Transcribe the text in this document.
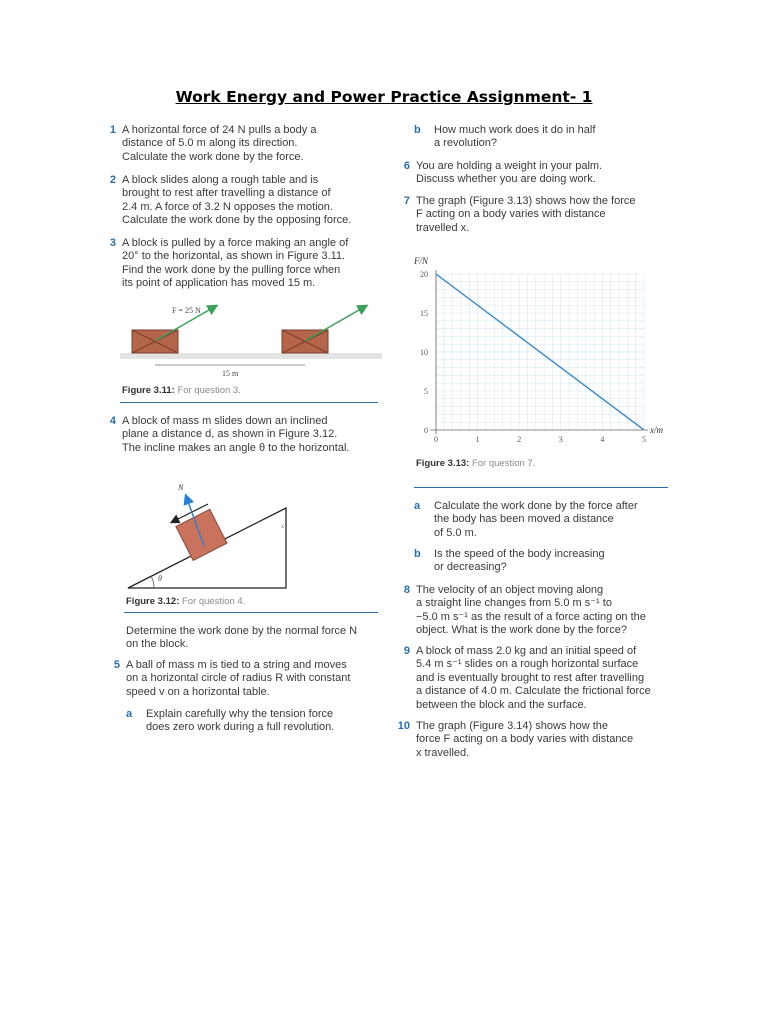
Work Energy and Power Practice Assignment- 1
1 A horizontal force of 24 N pulls a body a
distance of 5.0 m along its direction.
Calculate the work done by the force.
2 A block slides along a rough table and is
brought to rest after travelling a distance of
2.4 m. A force of 3.2 N opposes the motion.
Calculate the work done by the opposing force.
3 A block is pulled by a force making an angle of
20° to the horizontal, as shown in Figure 3.11.
Find the work done by the pulling force when
its point of application has moved 15 m.
F = 25 N
15 m
Figure 3.11: For question 3.
4 A block of mass m slides down an inclined
plane a distance d, as shown in Figure 3.12.
The incline makes an angle θ to the horizontal.
θ
x
N
Figure 3.12: For question 4.
Determine the work done by the normal force N
on the block.
5 A ball of mass m is tied to a string and moves
on a horizontal circle of radius R with constant
speed v on a horizontal table.
a Explain carefully why the tension force
does zero work during a full revolution.
b How much work does it do in half
a revolution?
6 You are holding a weight in your palm.
Discuss whether you are doing work.
7 The graph (Figure 3.13) shows how the force
F acting on a body varies with distance
travelled x.
0	1	2	3	4	5
0
5
10
15
20
F/N
x/m
Figure 3.13: For question 7.
a Calculate the work done by the force after
the body has been moved a distance
of 5.0 m.
b Is the speed of the body increasing
or decreasing?
8 The velocity of an object moving along
a straight line changes from 5.0 m s⁻¹ to
−5.0 m s⁻¹ as the result of a force acting on the
object. What is the work done by the force?
9 A block of mass 2.0 kg and an initial speed of
5.4 m s⁻¹ slides on a rough horizontal surface
and is eventually brought to rest after travelling
a distance of 4.0 m. Calculate the frictional force
between the block and the surface.
10 The graph (Figure 3.14) shows how the
force F acting on a body varies with distance
x travelled.
